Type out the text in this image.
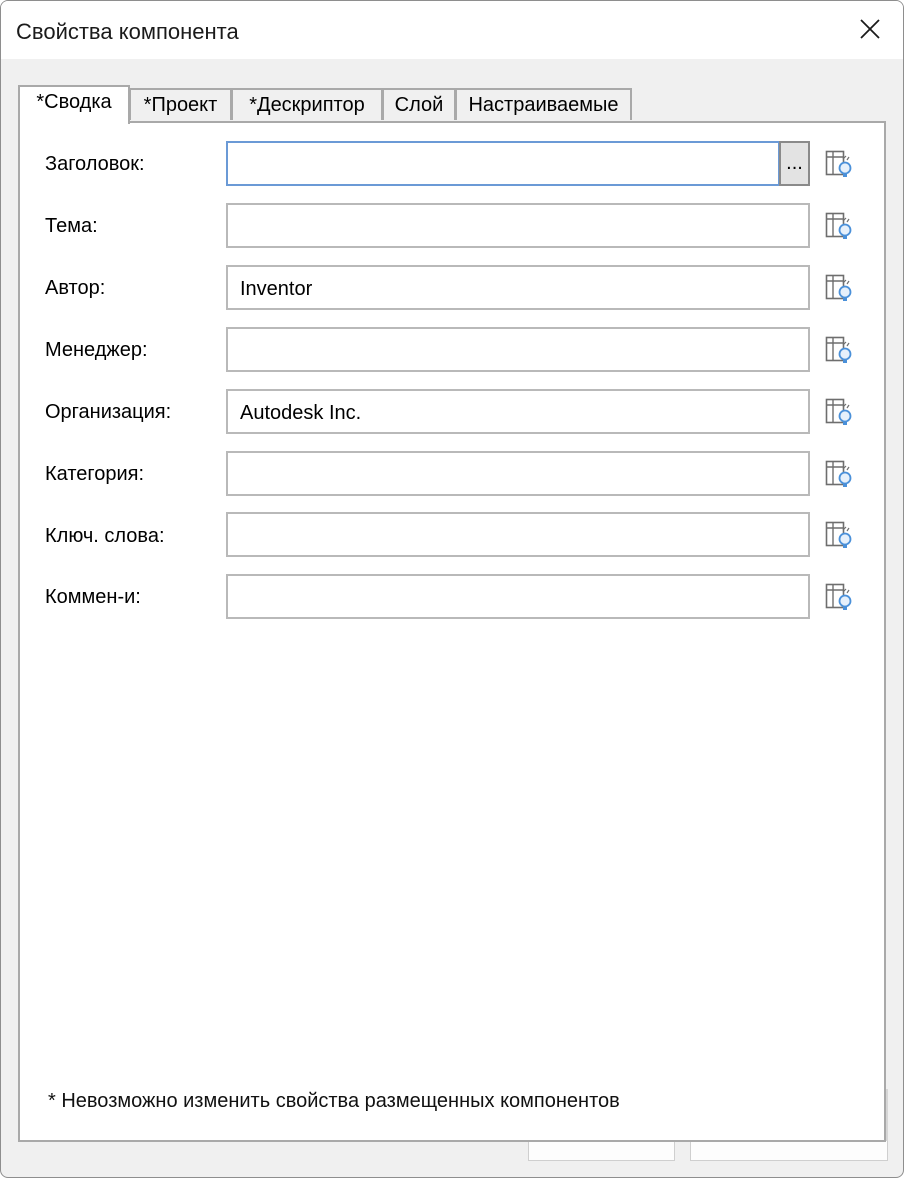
Свойства компонента
*Сводка	*Проект	*Дескриптор	Слой	Настраиваемые
Заголовок:	...
Тема:
Автор:
Inventor
Менеджер:
Организация:
Autodesk Inc.
Категория:
Ключ. слова:
Коммен-и:
* Невозможно изменить свойства размещенных компонентов
